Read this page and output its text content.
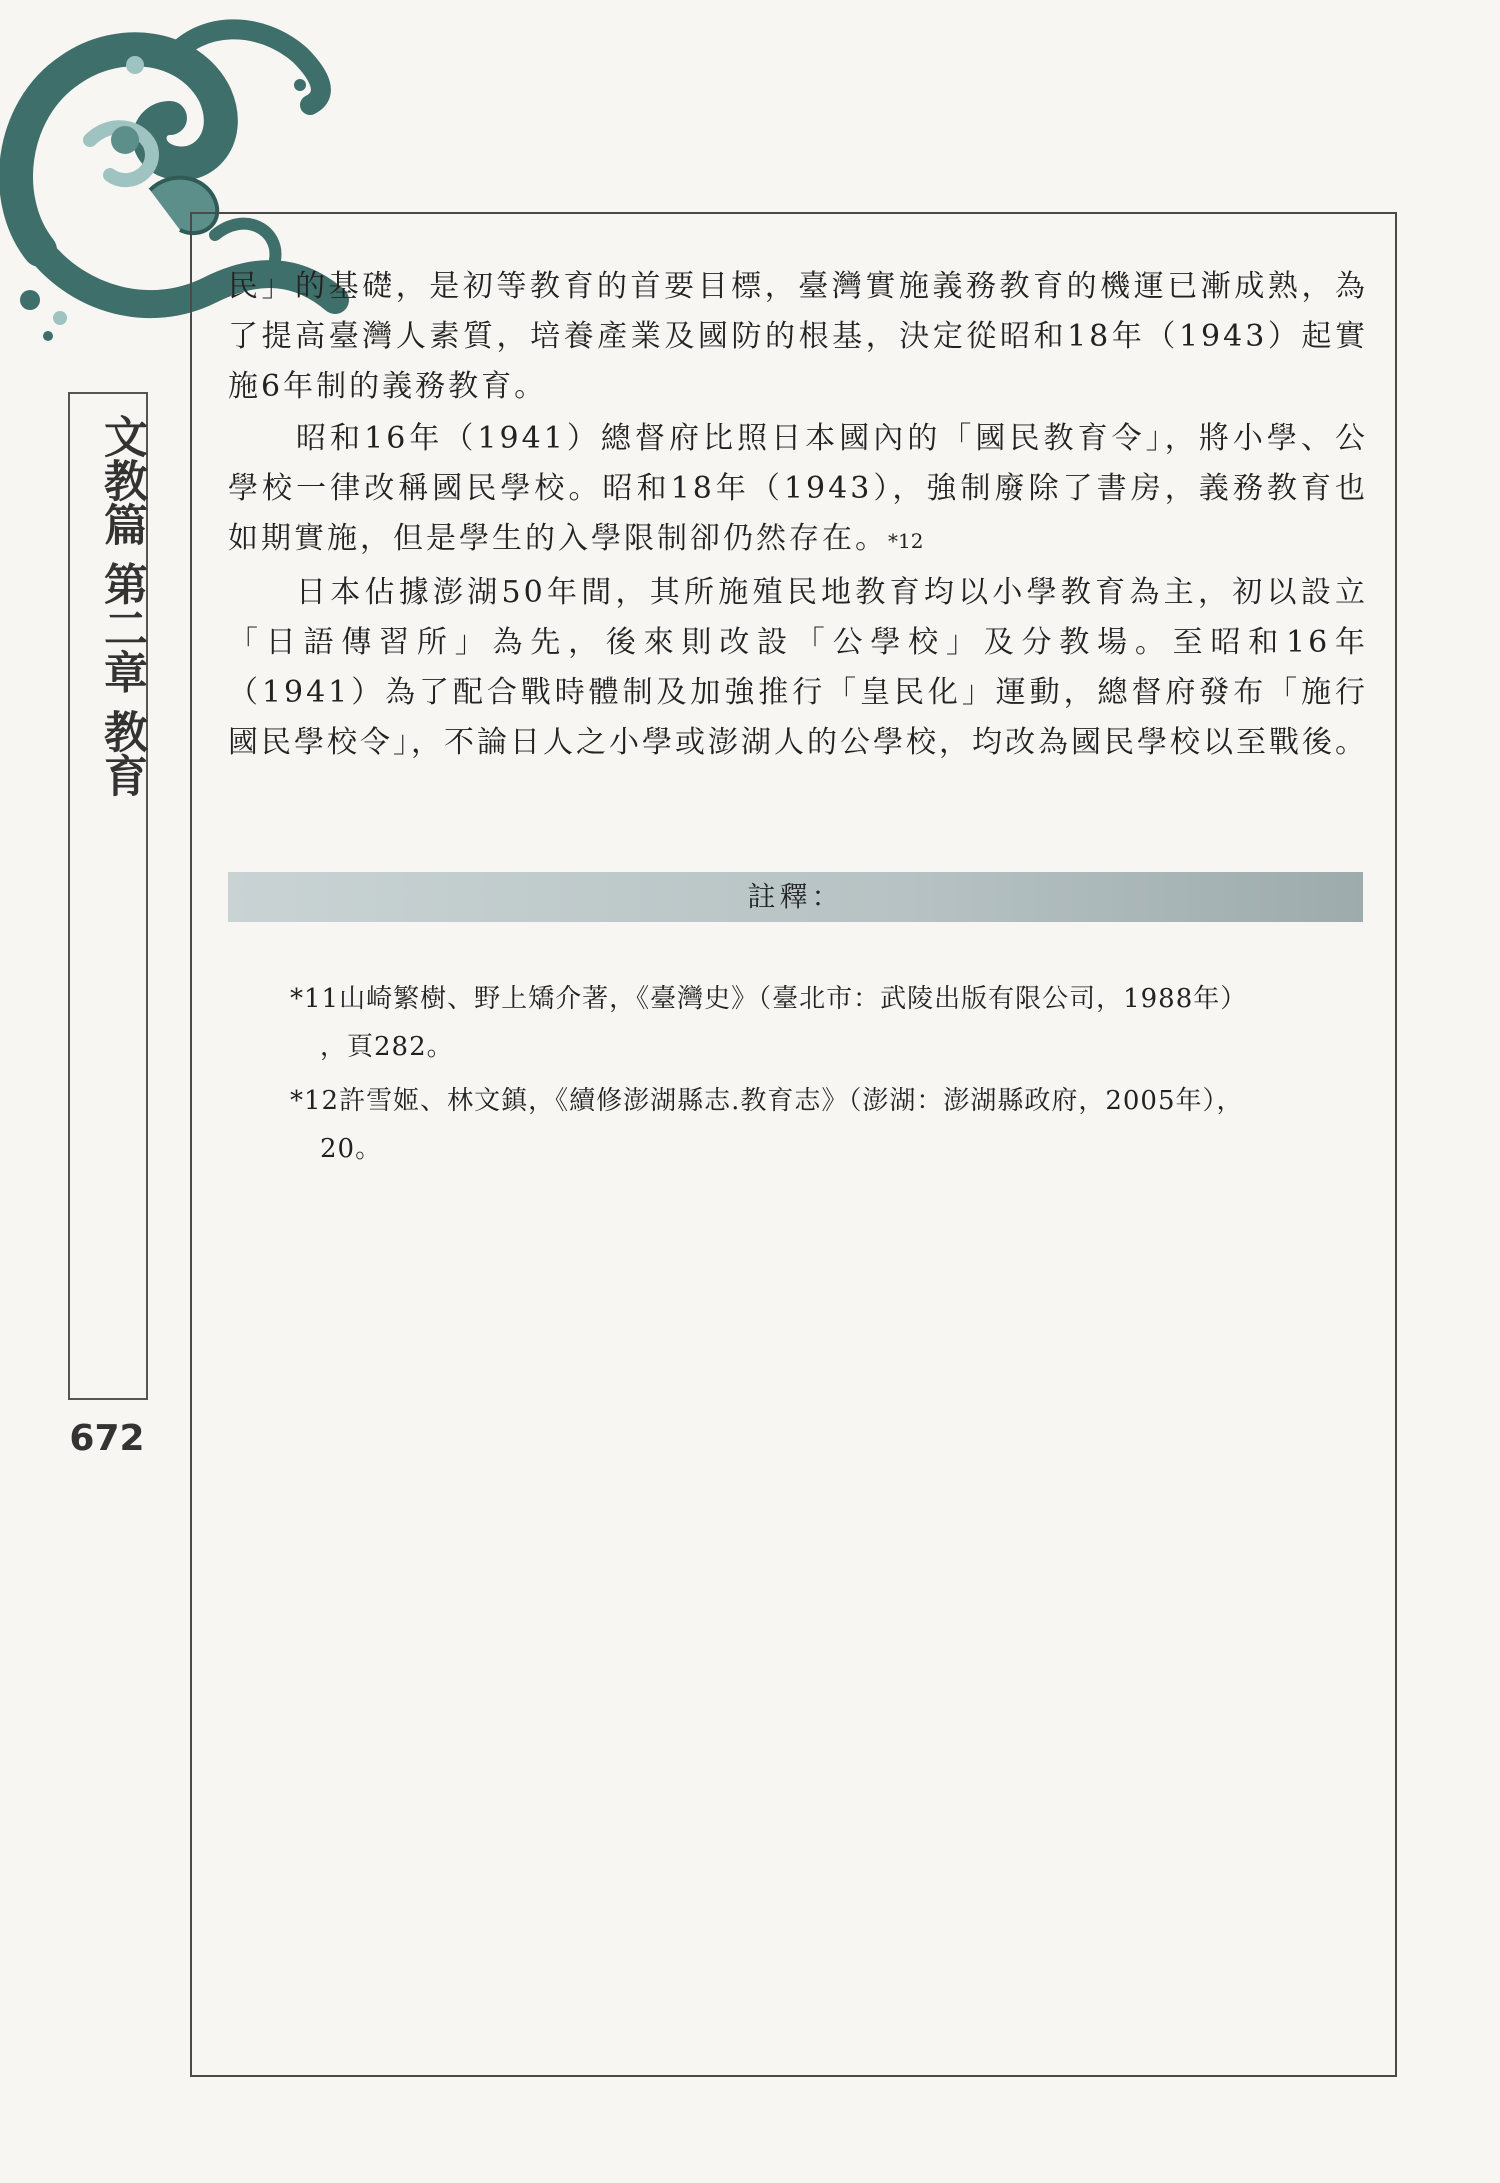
文教篇 第二章 教育
672

民」的基礎，是初等教育的首要目標，臺灣實施義務教育的機運已漸成熟，為了提高臺灣人素質，培養產業及國防的根基，決定從昭和18年（1943）起實施6年制的義務教育。

昭和16年（1941）總督府比照日本國內的「國民教育令」，將小學、公學校一律改稱國民學校。昭和18年（1943），強制廢除了書房，義務教育也如期實施，但是學生的入學限制卻仍然存在。*12

日本佔據澎湖50年間，其所施殖民地教育均以小學教育為主，初以設立「日語傳習所」為先，後來則改設「公學校」及分教場。至昭和16年（1941）為了配合戰時體制及加強推行「皇民化」運動，總督府發布「施行國民學校令」，不論日人之小學或澎湖人的公學校，均改為國民學校以至戰後。

註釋：

*11山崎繁樹、野上矯介著，《臺灣史》（臺北市：武陵出版有限公司，1988年）
，頁282。

*12許雪姬、林文鎮，《續修澎湖縣志.教育志》（澎湖：澎湖縣政府，2005年），
20。
